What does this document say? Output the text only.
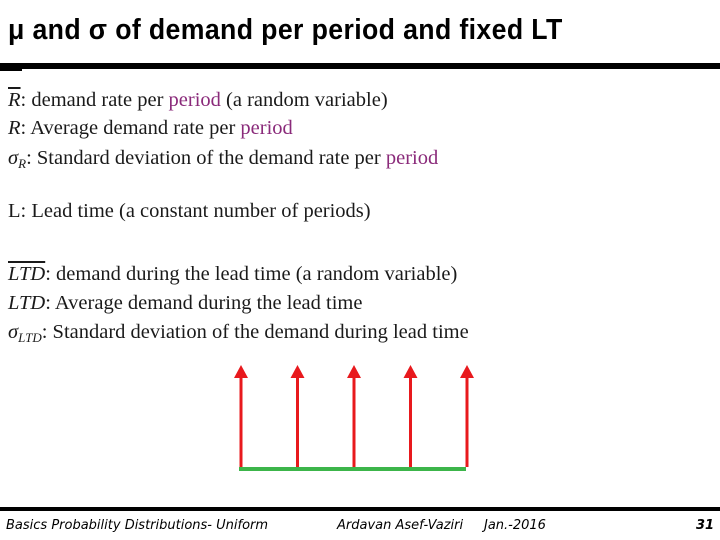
μ and σ of demand per period and fixed LT
$\overline{R}$: demand rate per period (a random variable)
R: Average demand rate per period
$\sigma_R$: Standard deviation of the demand rate per period
L: Lead time (a constant number of periods)
$\overline{LTD}$: demand during the lead time (a random variable)
LTD: Average demand during the lead time
$\sigma_{LTD}$: Standard deviation of the demand during lead time
Basics Probability Distributions- Uniform	Ardavan Asef-Vaziri Jan.-2016	31
